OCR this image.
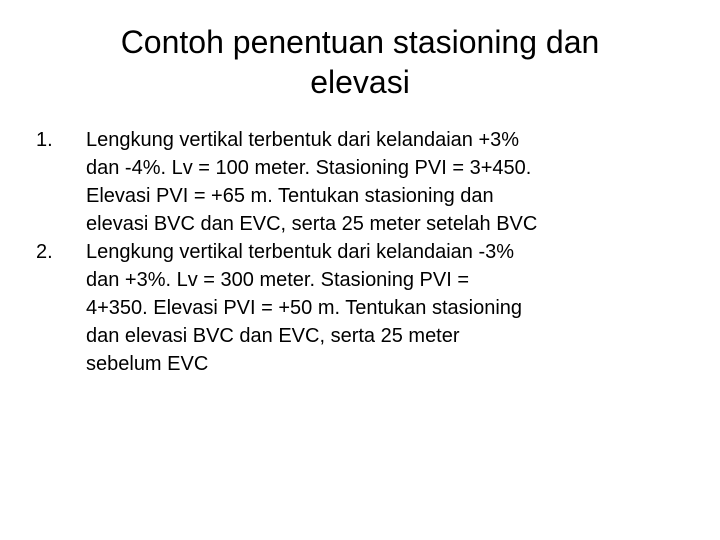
Contoh penentuan stasioning dan
elevasi
1.	Lengkung vertikal terbentuk dari kelandaian +3%
dan -4%. Lv = 100 meter. Stasioning PVI = 3+450.
Elevasi PVI = +65 m. Tentukan stasioning dan
elevasi BVC dan EVC, serta 25 meter setelah BVC
2.	Lengkung vertikal terbentuk dari kelandaian -3%
dan +3%. Lv = 300 meter. Stasioning PVI =
4+350. Elevasi PVI = +50 m. Tentukan stasioning
dan elevasi BVC dan EVC, serta 25 meter
sebelum EVC
